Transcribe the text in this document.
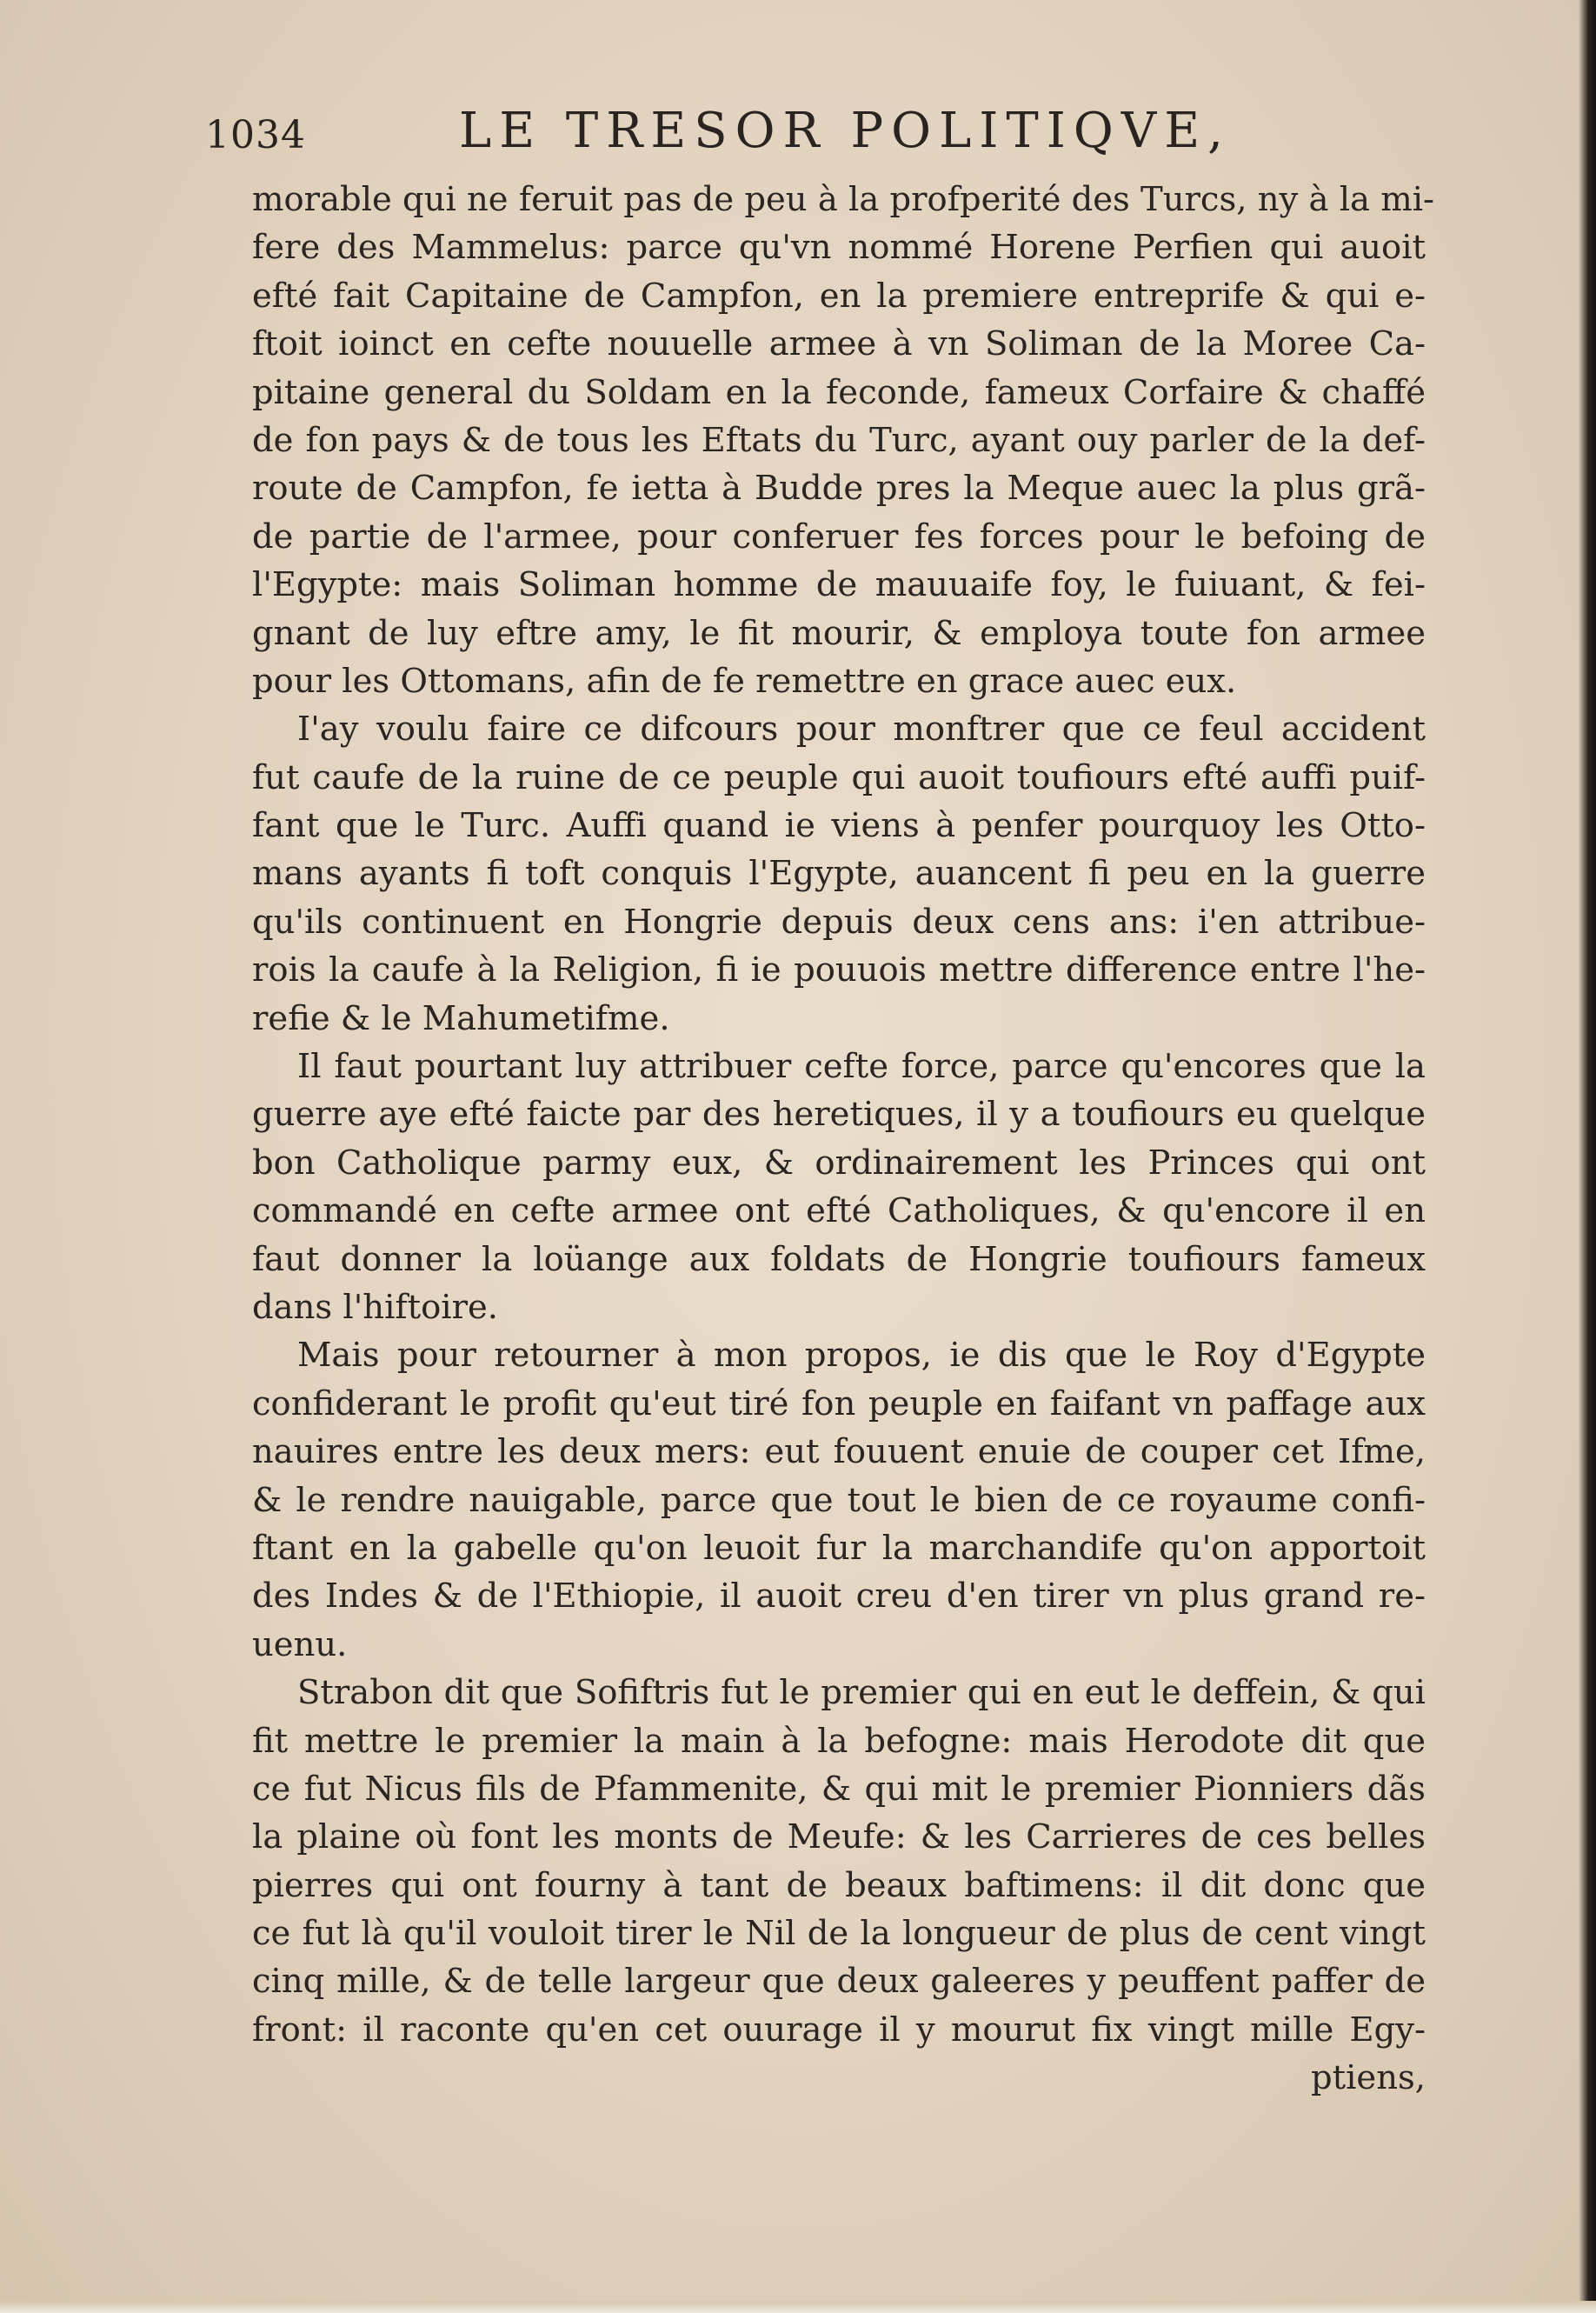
1034	LE TRESOR POLITIQVE,
morable qui ne feruit pas de peu à la profperité des Turcs, ny à la mi-
fere des Mammelus: parce qu'vn nommé Horene Perfien qui auoit
efté fait Capitaine de Campfon, en la premiere entreprife & qui e-
ftoit ioinct en cefte nouuelle armee à vn Soliman de la Moree Ca-
pitaine general du Soldam en la feconde, fameux Corfaire & chaffé
de fon pays & de tous les Eftats du Turc, ayant ouy parler de la def-
route de Campfon, fe ietta à Budde pres la Meque auec la plus grã-
de partie de l'armee, pour conferuer fes forces pour le befoing de
l'Egypte: mais Soliman homme de mauuaife foy, le fuiuant, & fei-
gnant de luy eftre amy, le fit mourir, & employa toute fon armee
pour les Ottomans, afin de fe remettre en grace auec eux.
I'ay voulu faire ce difcours pour monftrer que ce feul accident
fut caufe de la ruine de ce peuple qui auoit toufiours efté auffi puif-
fant que le Turc. Auffi quand ie viens à penfer pourquoy les Otto-
mans ayants fi toft conquis l'Egypte, auancent fi peu en la guerre
qu'ils continuent en Hongrie depuis deux cens ans: i'en attribue-
rois la caufe à la Religion, fi ie pouuois mettre difference entre l'he-
refie & le Mahumetifme.
Il faut pourtant luy attribuer cefte force, parce qu'encores que la
guerre aye efté faicte par des heretiques, il y a toufiours eu quelque
bon Catholique parmy eux, & ordinairement les Princes qui ont
commandé en cefte armee ont efté Catholiques, & qu'encore il en
faut donner la loüange aux foldats de Hongrie toufiours fameux
dans l'hiftoire.
Mais pour retourner à mon propos, ie dis que le Roy d'Egypte
confiderant le profit qu'eut tiré fon peuple en faifant vn paffage aux
nauires entre les deux mers: eut fouuent enuie de couper cet Ifme,
& le rendre nauigable, parce que tout le bien de ce royaume confi-
ftant en la gabelle qu'on leuoit fur la marchandife qu'on apportoit
des Indes & de l'Ethiopie, il auoit creu d'en tirer vn plus grand re-
uenu.
Strabon dit que Sofiftris fut le premier qui en eut le deffein, & qui
fit mettre le premier la main à la befogne: mais Herodote dit que
ce fut Nicus fils de Pfammenite, & qui mit le premier Pionniers dãs
la plaine où font les monts de Meufe: & les Carrieres de ces belles
pierres qui ont fourny à tant de beaux baftimens: il dit donc que
ce fut là qu'il vouloit tirer le Nil de la longueur de plus de cent vingt
cinq mille, & de telle largeur que deux galeeres y peuffent paffer de
front: il raconte qu'en cet ouurage il y mourut fix vingt mille Egy-
ptiens,
